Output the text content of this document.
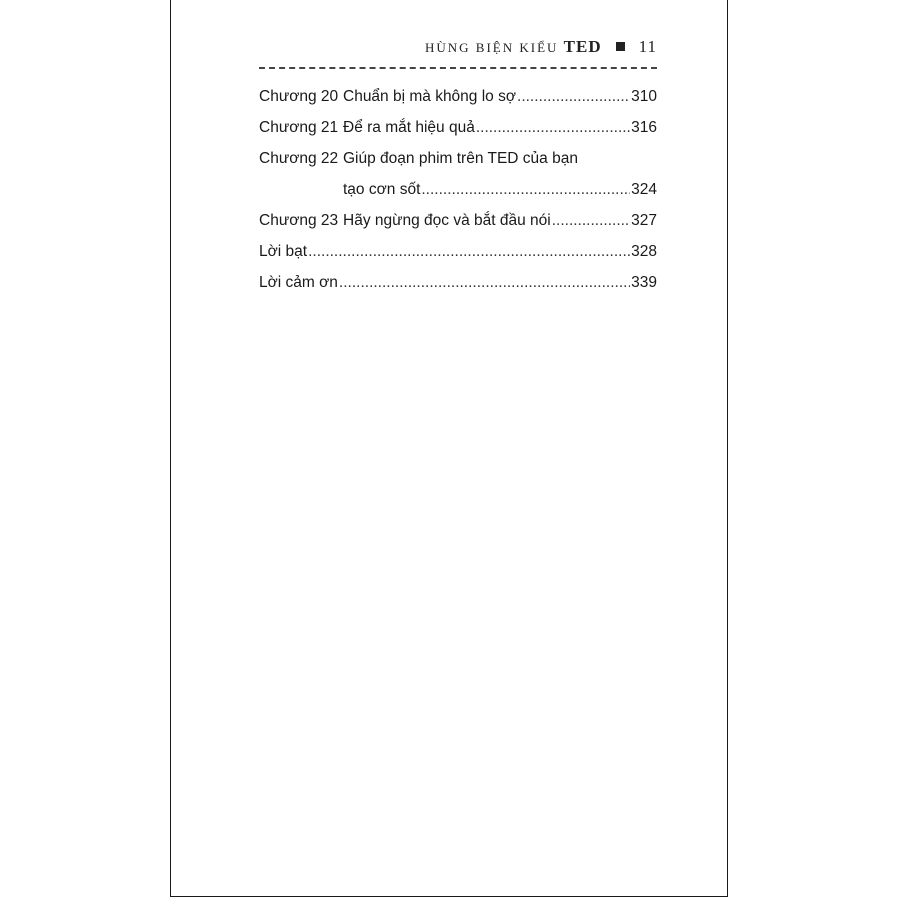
HÙNG BIỆN KIỂU TED 11
Chương 20 Chuẩn bị mà không lo sợ .....	310
Chương 21 Để ra mắt hiệu quả .....	316
Chương 22 Giúp đoạn phim trên TED của bạn
tạo cơn sốt .....	324
Chương 23 Hãy ngừng đọc và bắt đầu nói .....	327
Lời bạt .....	328
Lời cảm ơn .....	339
